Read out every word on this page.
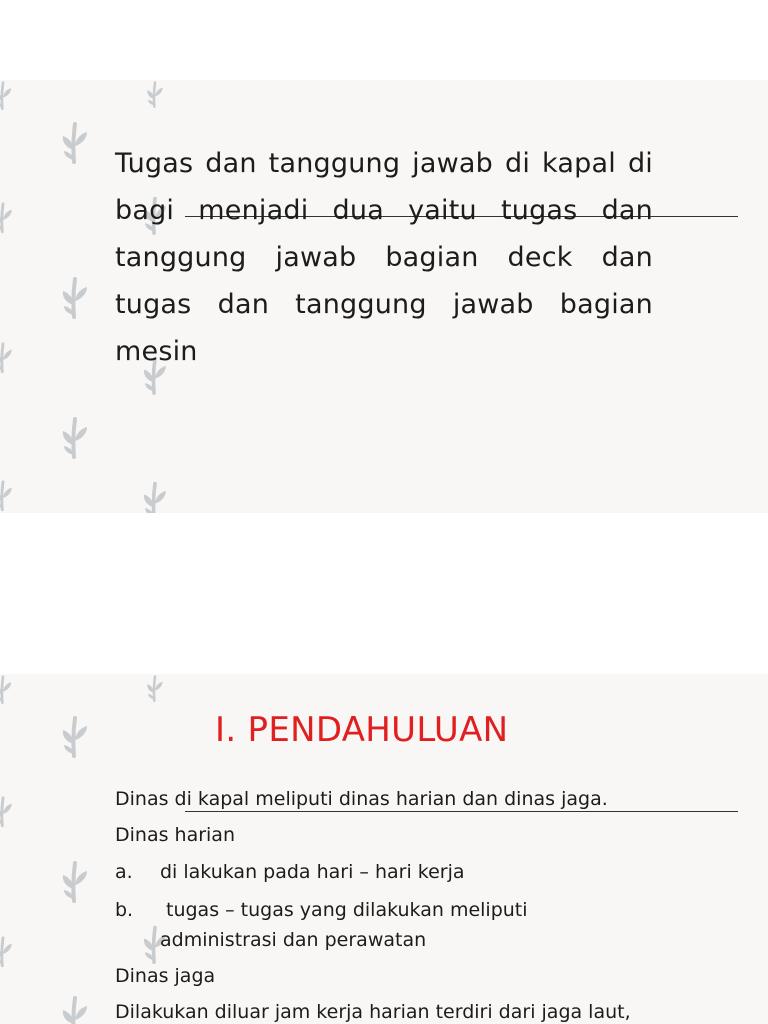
Tugas dan tanggung jawab di kapal di bagi menjadi dua yaitu tugas dan tanggung jawab bagian deck dan tugas dan tanggung jawab bagian mesin
I. PENDAHULUAN
Dinas di kapal meliputi dinas harian dan dinas jaga.
Dinas harian
a. di lakukan pada hari – hari kerja
b. tugas – tugas yang dilakukan meliputi
administrasi dan perawatan
Dinas jaga
Dilakukan diluar jam kerja harian terdiri dari jaga laut,
